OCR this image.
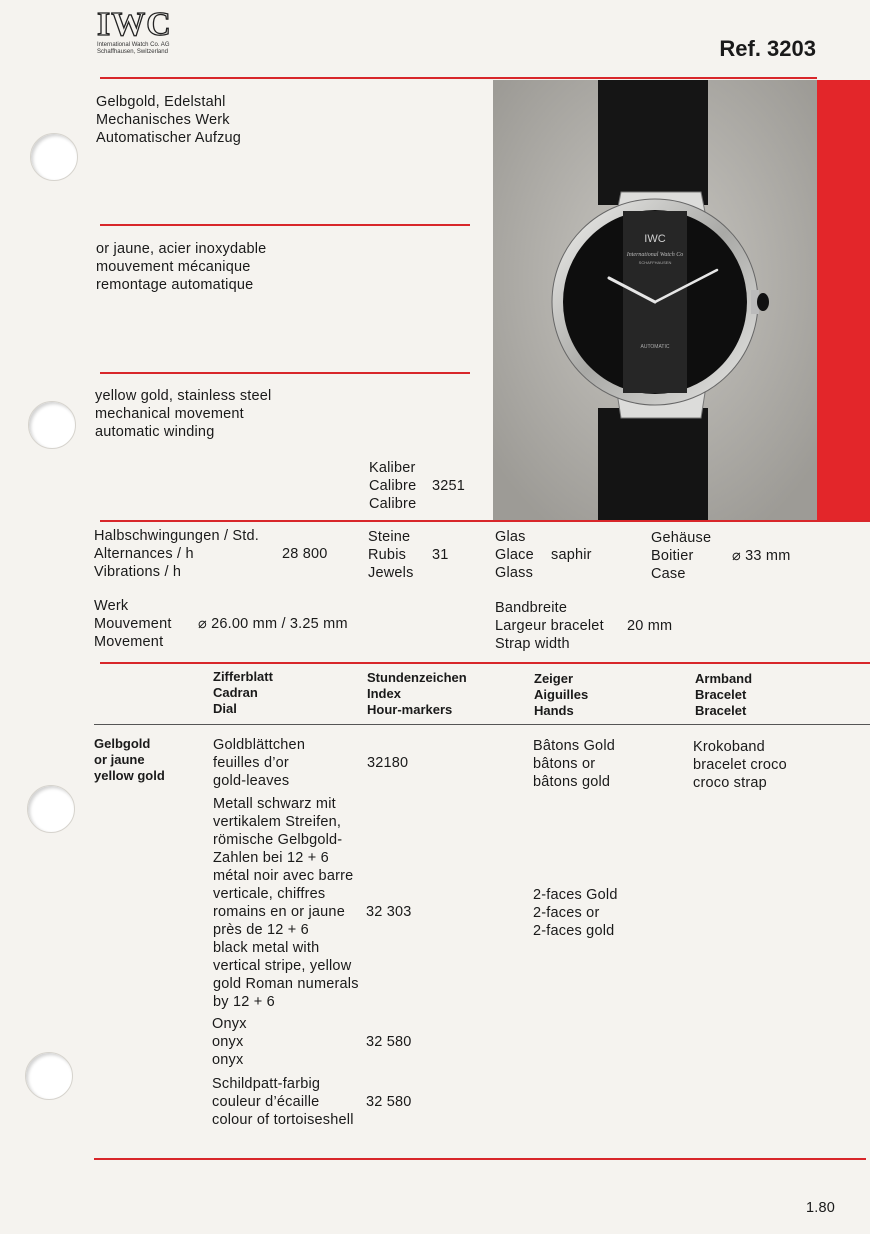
IWC
International Watch Co. AG
Schaffhausen, Switzerland	Ref. 3203
IWC
International Watch Co
SCHAFFHAUSEN
AUTOMATIC
Gelbgold, Edelstahl
Mechanisches Werk
Automatischer Aufzug
or jaune, acier inoxydable
mouvement mécanique
remontage automatique
yellow gold, stainless steel
mechanical movement
automatic winding
Kaliber
Calibre
Calibre
3251
Halbschwingungen / Std.
Alternances / h
Vibrations / h
28 800
Steine
Rubis
Jewels
31
Glas
Glace
Glass
saphir
Gehäuse
Boitier
Case
⌀ 33 mm
Werk
Mouvement
Movement
⌀ 26.00 mm / 3.25 mm
Bandbreite
Largeur bracelet
Strap width
20 mm
Zifferblatt
Cadran
Dial
Stundenzeichen
Index
Hour-markers
Zeiger
Aiguilles
Hands
Armband
Bracelet
Bracelet
Gelbgold
or jaune
yellow gold
Goldblättchen
feuilles d’or
gold-leaves
32180
Metall schwarz mit
vertikalem Streifen,
römische Gelbgold-
Zahlen bei 12 + 6
métal noir avec barre
verticale, chiffres
romains en or jaune
près de 12 + 6
black metal with
vertical stripe, yellow
gold Roman numerals
by 12 + 6
32 303
Onyx
onyx
onyx
32 580
Schildpatt-farbig
couleur d’écaille
colour of tortoiseshell
32 580
Bâtons Gold
bâtons or
bâtons gold
2-faces Gold
2-faces or
2-faces gold
Krokoband
bracelet croco
croco strap
1.80
